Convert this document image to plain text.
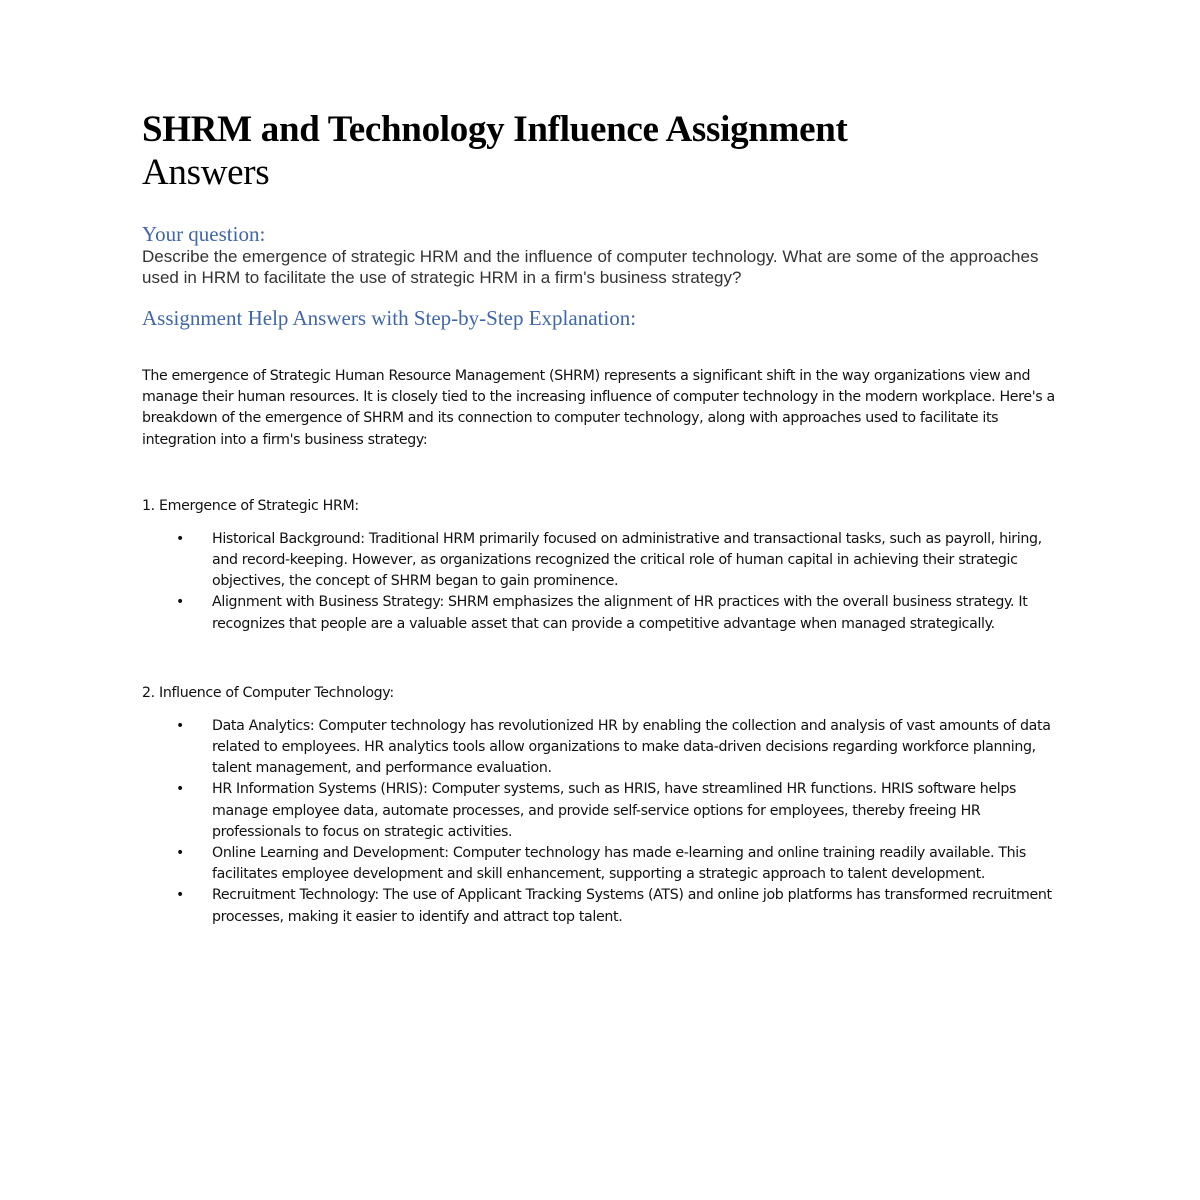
SHRM and Technology Influence Assignment
Answers
Your question:

Describe the emergence of strategic HRM and the influence of computer technology. What are some of the approaches used in HRM to facilitate the use of strategic HRM in a firm's business strategy?

Assignment Help Answers with Step-by-Step Explanation:

The emergence of Strategic Human Resource Management (SHRM) represents a significant shift in the way organizations view and manage their human resources. It is closely tied to the increasing influence of computer technology in the modern workplace. Here's a breakdown of the emergence of SHRM and its connection to computer technology, along with approaches used to facilitate its integration into a firm's business strategy:

1. Emergence of Strategic HRM:

• Historical Background: Traditional HRM primarily focused on administrative and transactional tasks, such as payroll, hiring, and record-keeping. However, as organizations recognized the critical role of human capital in achieving their strategic objectives, the concept of SHRM began to gain prominence.
• Alignment with Business Strategy: SHRM emphasizes the alignment of HR practices with the overall business strategy. It recognizes that people are a valuable asset that can provide a competitive advantage when managed strategically.

2. Influence of Computer Technology:

• Data Analytics: Computer technology has revolutionized HR by enabling the collection and analysis of vast amounts of data related to employees. HR analytics tools allow organizations to make data-driven decisions regarding workforce planning, talent management, and performance evaluation.
• HR Information Systems (HRIS): Computer systems, such as HRIS, have streamlined HR functions. HRIS software helps manage employee data, automate processes, and provide self-service options for employees, thereby freeing HR professionals to focus on strategic activities.
• Online Learning and Development: Computer technology has made e-learning and online training readily available. This facilitates employee development and skill enhancement, supporting a strategic approach to talent development.
• Recruitment Technology: The use of Applicant Tracking Systems (ATS) and online job platforms has transformed recruitment processes, making it easier to identify and attract top talent.
